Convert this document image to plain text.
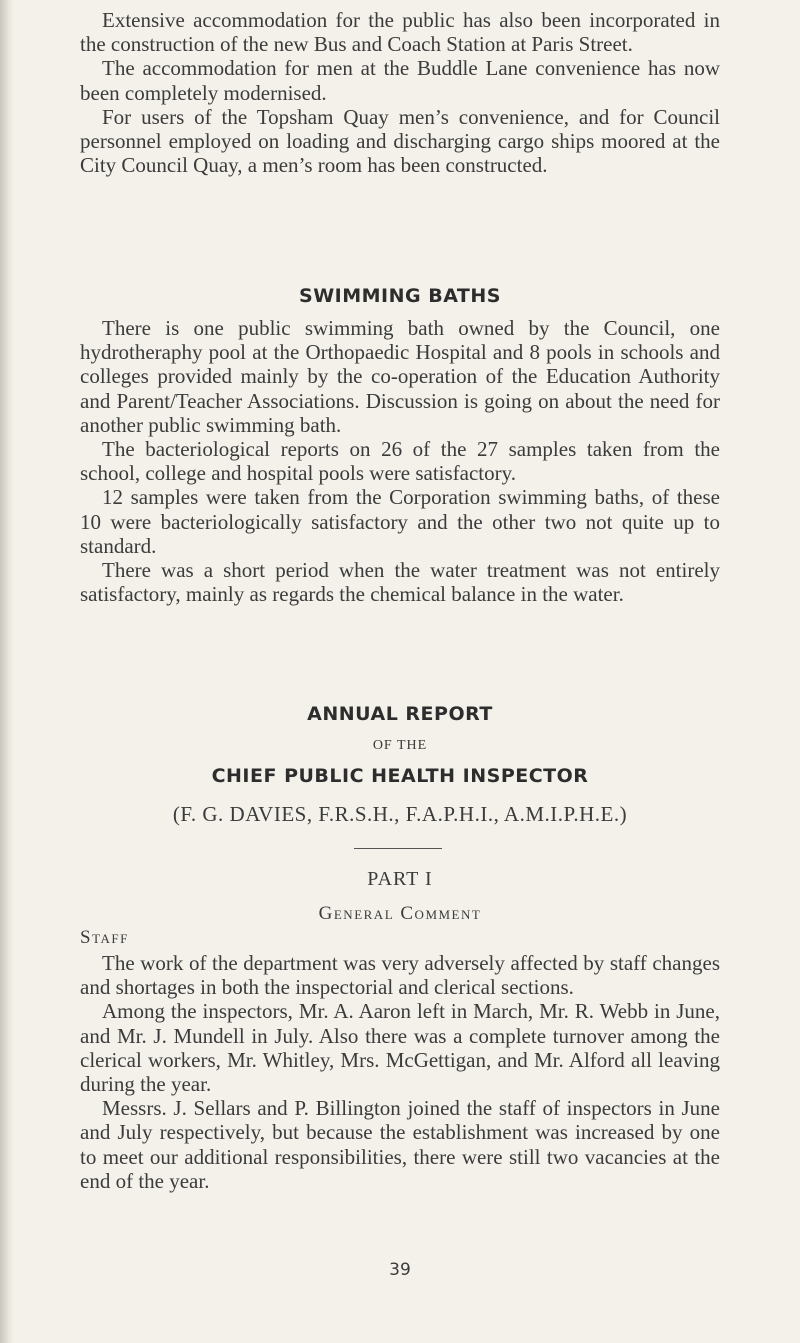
Extensive accommodation for the public has also been incorporated in the construction of the new Bus and Coach Station at Paris Street.

The accommodation for men at the Buddle Lane convenience has now been completely modernised.

For users of the Topsham Quay men’s convenience, and for Council personnel employed on loading and discharging cargo ships moored at the City Council Quay, a men’s room has been constructed.

SWIMMING BATHS

There is one public swimming bath owned by the Council, one hydrotheraphy pool at the Orthopaedic Hospital and 8 pools in schools and colleges provided mainly by the co-operation of the Education Authority and Parent/Teacher Associations. Discussion is going on about the need for another public swimming bath.

The bacteriological reports on 26 of the 27 samples taken from the school, college and hospital pools were satisfactory.

12 samples were taken from the Corporation swimming baths, of these 10 were bacteriologically satisfactory and the other two not quite up to standard.

There was a short period when the water treatment was not entirely satisfactory, mainly as regards the chemical balance in the water.

ANNUAL REPORT
OF THE
CHIEF PUBLIC HEALTH INSPECTOR
(F. G. DAVIES, F.R.S.H., F.A.P.H.I., A.M.I.P.H.E.)
PART I
General Comment
Staff

The work of the department was very adversely affected by staff changes and shortages in both the inspectorial and clerical sections.

Among the inspectors, Mr. A. Aaron left in March, Mr. R. Webb in June, and Mr. J. Mundell in July. Also there was a complete turnover among the clerical workers, Mr. Whitley, Mrs. McGettigan, and Mr. Alford all leaving during the year.

Messrs. J. Sellars and P. Billington joined the staff of inspectors in June and July respectively, but because the establishment was increased by one to meet our additional responsibilities, there were still two vacancies at the end of the year.

39
